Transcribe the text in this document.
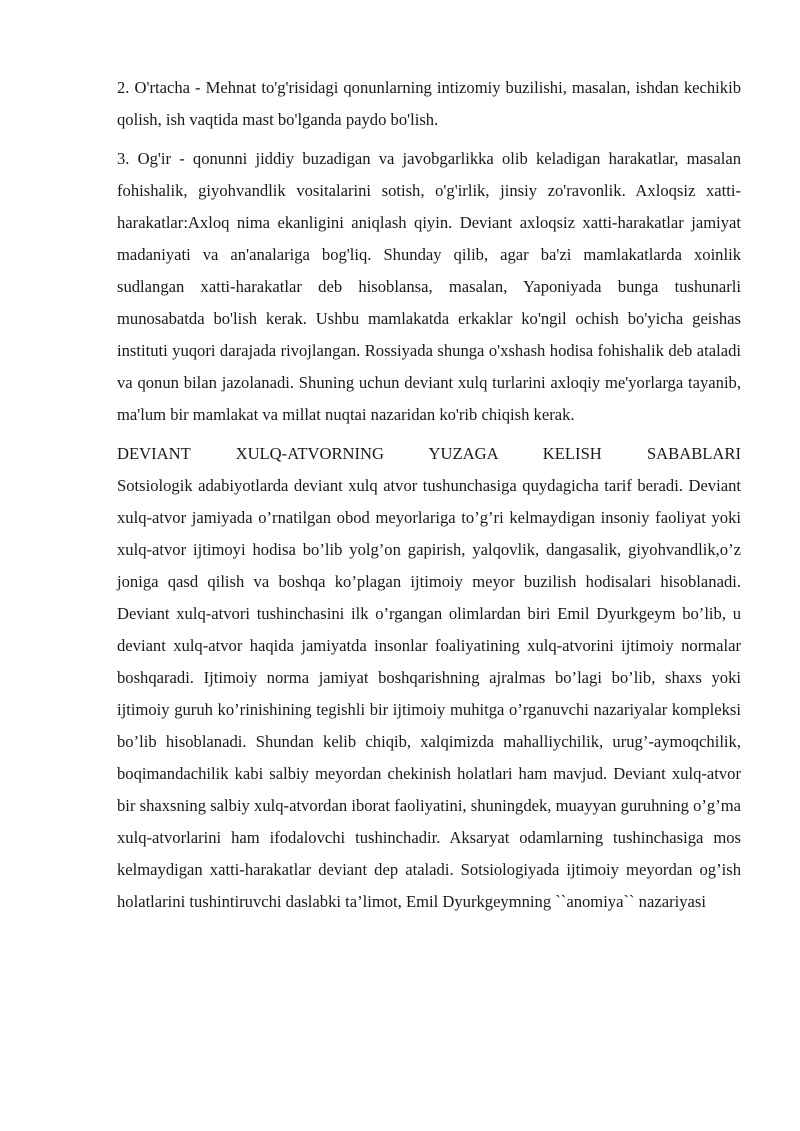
2. O'rtacha - Mehnat to'g'risidagi qonunlarning intizomiy buzilishi, masalan, ishdan kechikib qolish, ish vaqtida mast bo'lganda paydo bo'lish.

3. Og'ir - qonunni jiddiy buzadigan va javobgarlikka olib keladigan harakatlar, masalan fohishalik, giyohvandlik vositalarini sotish, o'g'irlik, jinsiy zo'ravonlik. Axloqsiz xatti-harakatlar:Axloq nima ekanligini aniqlash qiyin. Deviant axloqsiz xatti-harakatlar jamiyat madaniyati va an'analariga bog'liq. Shunday qilib, agar ba'zi mamlakatlarda xoinlik sudlangan xatti-harakatlar deb hisoblansa, masalan, Yaponiyada bunga tushunarli munosabatda bo'lish kerak. Ushbu mamlakatda erkaklar ko'ngil ochish bo'yicha geishas instituti yuqori darajada rivojlangan. Rossiyada shunga o'xshash hodisa fohishalik deb ataladi va qonun bilan jazolanadi. Shuning uchun deviant xulq turlarini axloqiy me'yorlarga tayanib, ma'lum bir mamlakat va millat nuqtai nazaridan ko'rib chiqish kerak.

DEVIANT XULQ-ATVORNING YUZAGA KELISH SABABLARI
Sotsiologik adabiyotlarda deviant xulq atvor tushunchasiga quydagicha tarif beradi. Deviant xulq-atvor jamiyada o’rnatilgan obod meyorlariga to’g’ri kelmaydigan insoniy faoliyat yoki xulq-atvor ijtimoyi hodisa bo’lib yolg’on gapirish, yalqovlik, dangasalik, giyohvandlik,o’z joniga qasd qilish va boshqa ko’plagan ijtimoiy meyor buzilish hodisalari hisoblanadi. Deviant xulq-atvori tushinchasini ilk o’rgangan olimlardan biri Emil Dyurkgeym bo’lib, u deviant xulq-atvor haqida jamiyatda insonlar foaliyatining xulq-atvorini ijtimoiy normalar boshqaradi. Ijtimoiy norma jamiyat boshqarishning ajralmas bo’lagi bo’lib, shaxs yoki ijtimoiy guruh ko’rinishining tegishli bir ijtimoiy muhitga o’rganuvchi nazariyalar kompleksi bo’lib hisoblanadi. Shundan kelib chiqib, xalqimizda mahalliychilik, urug’-aymoqchilik, boqimandachilik kabi salbiy meyordan chekinish holatlari ham mavjud. Deviant xulq-atvor bir shaxsning salbiy xulq-atvordan iborat faoliyatini, shuningdek, muayyan guruhning o’g’ma xulq-atvorlarini ham ifodalovchi tushinchadir. Aksaryat odamlarning tushinchasiga mos kelmaydigan xatti-harakatlar deviant dep ataladi. Sotsiologiyada ijtimoiy meyordan og’ish holatlarini tushintiruvchi daslabki ta’limot, Emil Dyurkgeymning ``anomiya`` nazariyasi
